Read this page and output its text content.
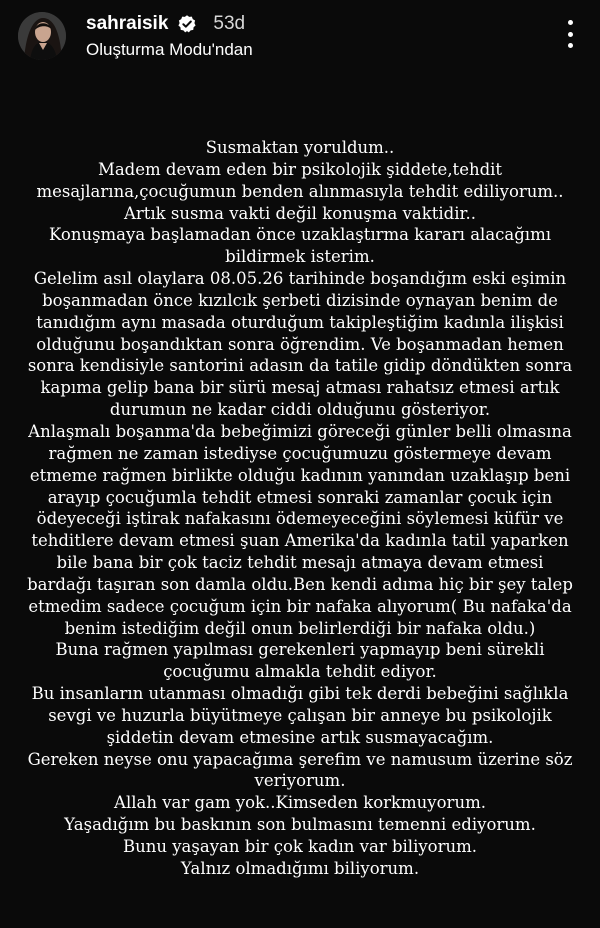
sahraisik 53d
Oluşturma Modu'ndan
Susmaktan yoruldum..
Madem devam eden bir psikolojik şiddete,tehdit
mesajlarına,çocuğumun benden alınmasıyla tehdit ediliyorum..
Artık susma vakti değil konuşma vaktidir..
Konuşmaya başlamadan önce uzaklaştırma kararı alacağımı
bildirmek isterim.
Gelelim asıl olaylara 08.05.26 tarihinde boşandığım eski eşimin
boşanmadan önce kızılcık şerbeti dizisinde oynayan benim de
tanıdığım aynı masada oturduğum takipleştiğim kadınla ilişkisi
olduğunu boşandıktan sonra öğrendim. Ve boşanmadan hemen
sonra kendisiyle santorini adasın da tatile gidip döndükten sonra
kapıma gelip bana bir sürü mesaj atması rahatsız etmesi artık
durumun ne kadar ciddi olduğunu gösteriyor.
Anlaşmalı boşanma'da bebeğimizi göreceği günler belli olmasına
rağmen ne zaman istediyse çocuğumuzu göstermeye devam
etmeme rağmen birlikte olduğu kadının yanından uzaklaşıp beni
arayıp çocuğumla tehdit etmesi sonraki zamanlar çocuk için
ödeyeceği iştirak nafakasını ödemeyeceğini söylemesi küfür ve
tehditlere devam etmesi şuan Amerika'da kadınla tatil yaparken
bile bana bir çok taciz tehdit mesajı atmaya devam etmesi
bardağı taşıran son damla oldu.Ben kendi adıma hiç bir şey talep
etmedim sadece çocuğum için bir nafaka alıyorum( Bu nafaka'da
benim istediğim değil onun belirlerdiği bir nafaka oldu.)
Buna rağmen yapılması gerekenleri yapmayıp beni sürekli
çocuğumu almakla tehdit ediyor.
Bu insanların utanması olmadığı gibi tek derdi bebeğini sağlıkla
sevgi ve huzurla büyütmeye çalışan bir anneye bu psikolojik
şiddetin devam etmesine artık susmayacağım.
Gereken neyse onu yapacağıma şerefim ve namusum üzerine söz
veriyorum.
Allah var gam yok..Kimseden korkmuyorum.
Yaşadığım bu baskının son bulmasını temenni ediyorum.
Bunu yaşayan bir çok kadın var biliyorum.
Yalnız olmadığımı biliyorum.
